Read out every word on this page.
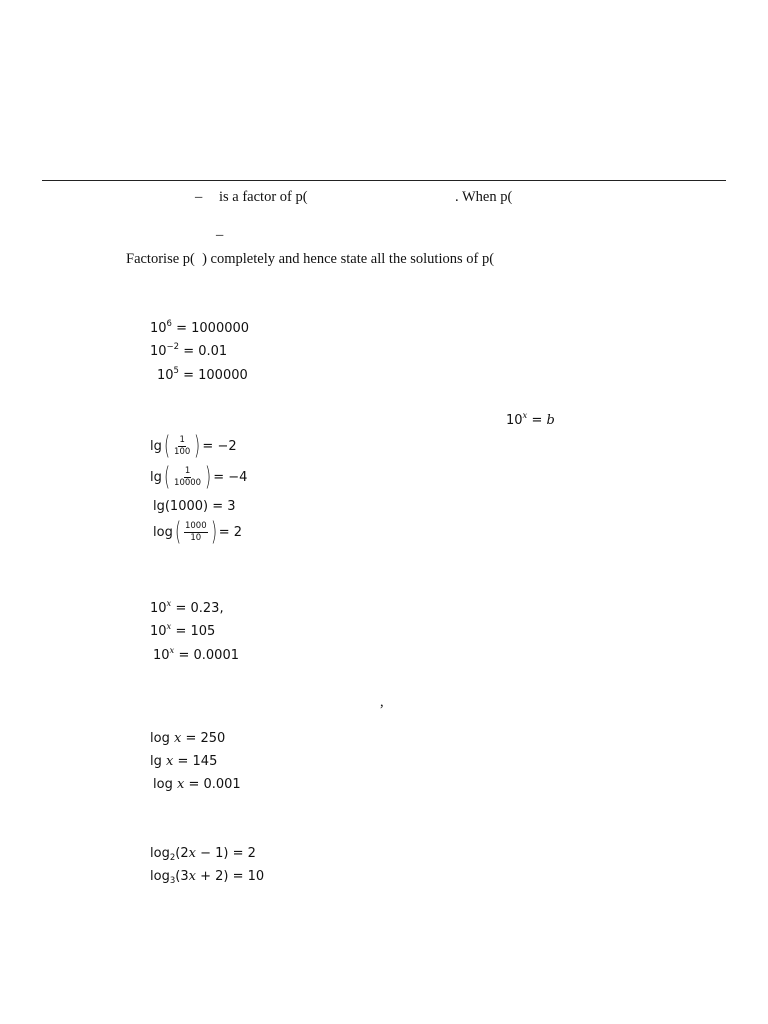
– is a factor of p(	. When p(
–
Factorise p(  ) completely and hence state all the solutions of p(
$10^6 = 1000000$
$10^{-2} = 0.01$
$10^5 = 100000$
$10^x = b$
lg ( $\frac{1}{100}$ ) = −2
lg ( $\frac{1}{10000}$ ) = −4
lg(1000) = 3
log ( $\frac{1000}{10}$ ) = 2
$10^x = 0.23$,
$10^x = 105$
$10^x = 0.0001$
,
log x = 250
lg x = 145
log x = 0.001
$\log_2(2x - 1) = 2$
$\log_3(3x + 2) = 10$
